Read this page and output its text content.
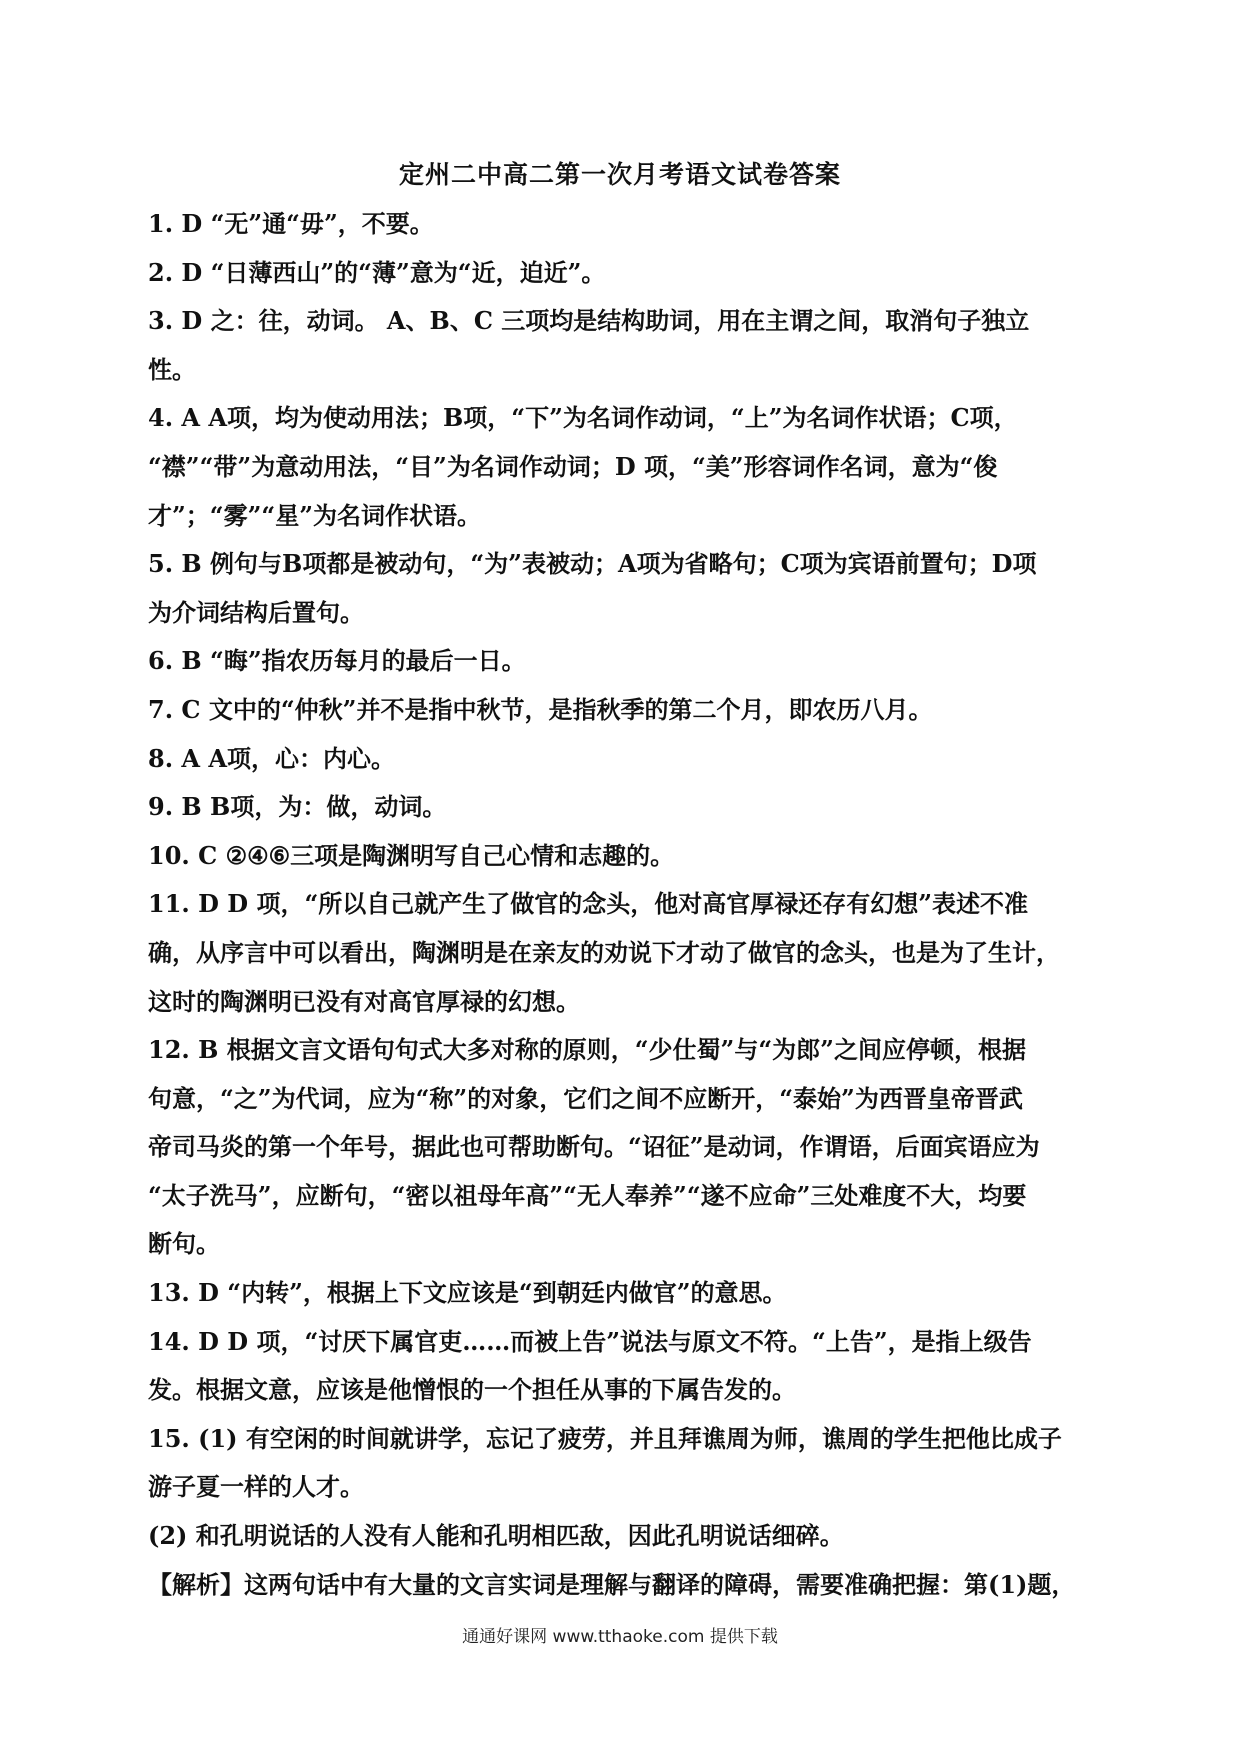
定州二中高二第一次月考语文试卷答案
1. D “无”通“毋”，不要。
2. D “日薄西山”的“薄”意为“近，迫近”。
3. D 之：往，动词。 A、B、C 三项均是结构助词，用在主谓之间，取消句子独立
性。
4. A A项，均为使动用法；B项，“下”为名词作动词，“上”为名词作状语；C项，
“襟”“带”为意动用法，“目”为名词作动词；D 项，“美”形容词作名词，意为“俊
才”；“雾”“星”为名词作状语。
5. B 例句与B项都是被动句，“为”表被动；A项为省略句；C项为宾语前置句；D项
为介词结构后置句。
6. B “晦”指农历每月的最后一日。
7. C 文中的“仲秋”并不是指中秋节，是指秋季的第二个月，即农历八月。
8. A A项，心：内心。
9. B B项，为：做，动词。
10. C ②④⑥三项是陶渊明写自己心情和志趣的。
11. D D 项，“所以自己就产生了做官的念头，他对高官厚禄还存有幻想”表述不准
确，从序言中可以看出，陶渊明是在亲友的劝说下才动了做官的念头，也是为了生计，
这时的陶渊明已没有对高官厚禄的幻想。
12. B 根据文言文语句句式大多对称的原则，“少仕蜀”与“为郎”之间应停顿，根据
句意，“之”为代词，应为“称”的对象，它们之间不应断开，“泰始”为西晋皇帝晋武
帝司马炎的第一个年号，据此也可帮助断句。“诏征”是动词，作谓语，后面宾语应为
“太子洗马”，应断句，“密以祖母年高”“无人奉养”“遂不应命”三处难度不大，均要
断句。
13. D “内转”，根据上下文应该是“到朝廷内做官”的意思。
14. D D 项，“讨厌下属官吏……而被上告”说法与原文不符。“上告”，是指上级告
发。根据文意，应该是他憎恨的一个担任从事的下属告发的。
15. (1) 有空闲的时间就讲学，忘记了疲劳，并且拜谯周为师，谯周的学生把他比成子
游子夏一样的人才。
(2) 和孔明说话的人没有人能和孔明相匹敌，因此孔明说话细碎。
【解析】这两句话中有大量的文言实词是理解与翻译的障碍，需要准确把握：第(1)题，
通通好课网 www.tthaoke.com 提供下载
